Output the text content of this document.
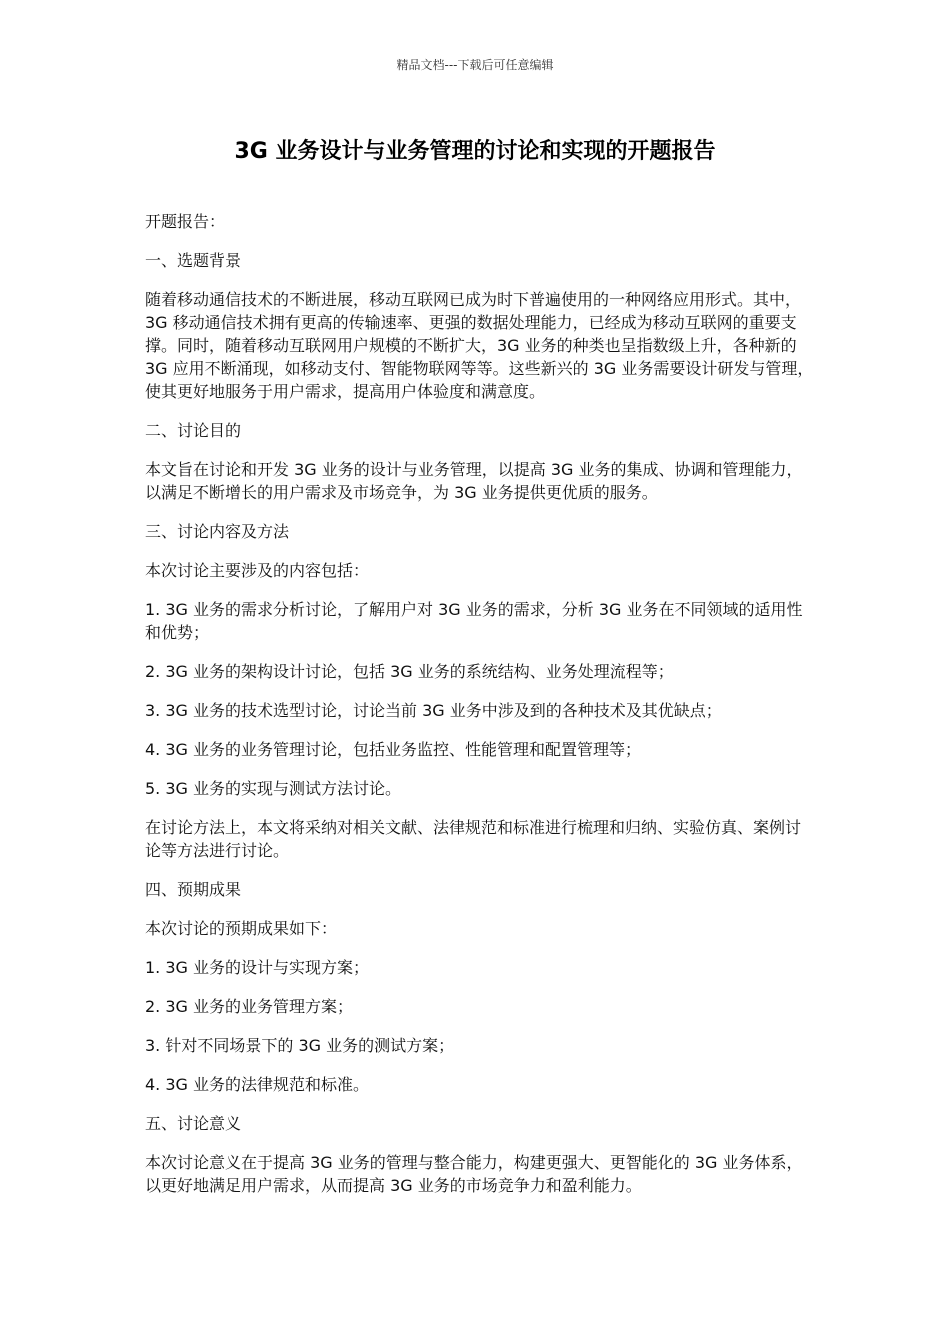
精品文档---下载后可任意编辑
3G 业务设计与业务管理的讨论和实现的开题报告

开题报告：

一、选题背景

随着移动通信技术的不断进展，移动互联网已成为时下普遍使用的一种网络应用形式。其中，3G 移动通信技术拥有更高的传输速率、更强的数据处理能力，已经成为移动互联网的重要支撑。同时，随着移动互联网用户规模的不断扩大，3G 业务的种类也呈指数级上升，各种新的 3G 应用不断涌现，如移动支付、智能物联网等等。这些新兴的 3G 业务需要设计研发与管理，使其更好地服务于用户需求，提高用户体验度和满意度。

二、讨论目的

本文旨在讨论和开发 3G 业务的设计与业务管理，以提高 3G 业务的集成、协调和管理能力，以满足不断增长的用户需求及市场竞争，为 3G 业务提供更优质的服务。

三、讨论内容及方法

本次讨论主要涉及的内容包括：

1. 3G 业务的需求分析讨论，了解用户对 3G 业务的需求，分析 3G 业务在不同领域的适用性和优势；

2. 3G 业务的架构设计讨论，包括 3G 业务的系统结构、业务处理流程等；

3. 3G 业务的技术选型讨论，讨论当前 3G 业务中涉及到的各种技术及其优缺点；

4. 3G 业务的业务管理讨论，包括业务监控、性能管理和配置管理等；

5. 3G 业务的实现与测试方法讨论。

在讨论方法上，本文将采纳对相关文献、法律规范和标准进行梳理和归纳、实验仿真、案例讨论等方法进行讨论。

四、预期成果

本次讨论的预期成果如下：

1. 3G 业务的设计与实现方案；

2. 3G 业务的业务管理方案；

3. 针对不同场景下的 3G 业务的测试方案；

4. 3G 业务的法律规范和标准。

五、讨论意义

本次讨论意义在于提高 3G 业务的管理与整合能力，构建更强大、更智能化的 3G 业务体系，以更好地满足用户需求，从而提高 3G 业务的市场竞争力和盈利能力。
